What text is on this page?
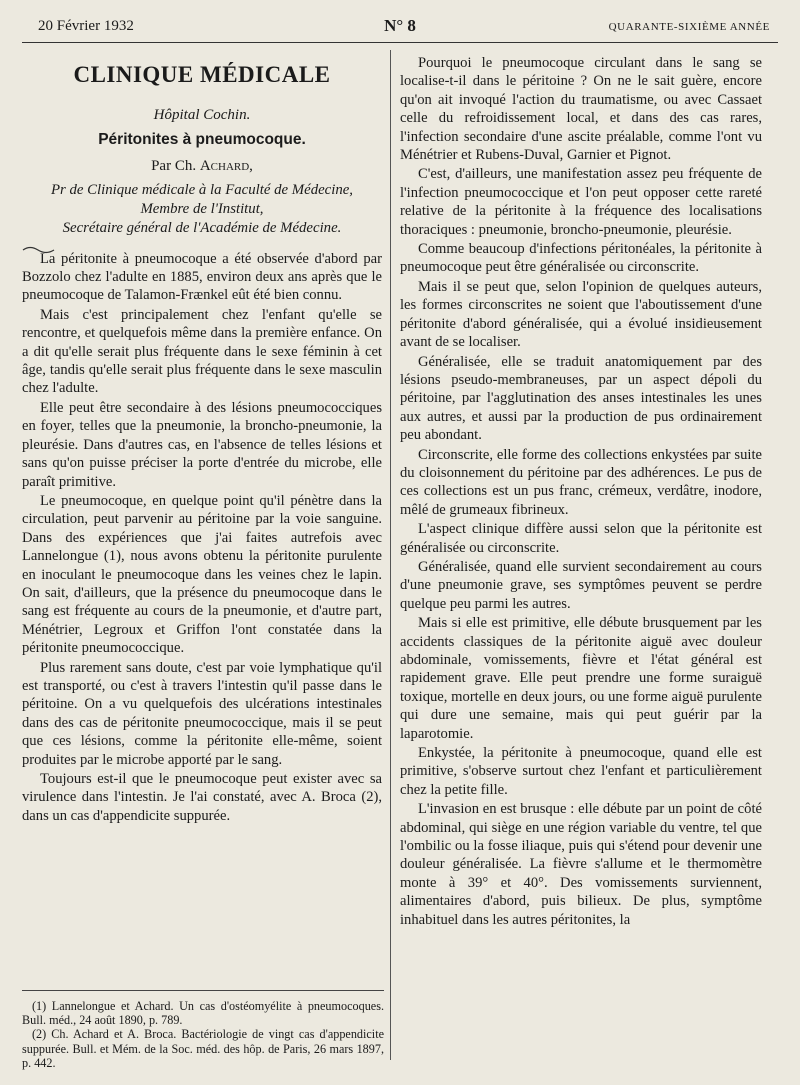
20 Février 1932	N° 8	QUARANTE-SIXIÈME ANNÉE
CLINIQUE MÉDICALE
Hôpital Cochin.
Péritonites à pneumocoque.
Par Ch. Achard,
Pr de Clinique médicale à la Faculté de Médecine,
Membre de l'Institut,
Secrétaire général de l'Académie de Médecine.

La péritonite à pneumocoque a été observée d'abord par Bozzolo chez l'adulte en 1885, environ deux ans après que le pneumocoque de Talamon-Frænkel eût été bien connu.

Mais c'est principalement chez l'enfant qu'elle se rencontre, et quelquefois même dans la première enfance. On a dit qu'elle serait plus fréquente dans le sexe féminin à cet âge, tandis qu'elle serait plus fréquente dans le sexe masculin chez l'adulte.

Elle peut être secondaire à des lésions pneumococciques en foyer, telles que la pneumonie, la broncho-pneumonie, la pleurésie. Dans d'autres cas, en l'absence de telles lésions et sans qu'on puisse préciser la porte d'entrée du microbe, elle paraît primitive.

Le pneumocoque, en quelque point qu'il pénètre dans la circulation, peut parvenir au péritoine par la voie sanguine. Dans des expériences que j'ai faites autrefois avec Lannelongue (1), nous avons obtenu la péritonite purulente en inoculant le pneumocoque dans les veines chez le lapin. On sait, d'ailleurs, que la présence du pneumocoque dans le sang est fréquente au cours de la pneumonie, et d'autre part, Ménétrier, Legroux et Griffon l'ont constatée dans la péritonite pneumococcique.

Plus rarement sans doute, c'est par voie lymphatique qu'il est transporté, ou c'est à travers l'intestin qu'il passe dans le péritoine. On a vu quelquefois des ulcérations intestinales dans des cas de péritonite pneumococcique, mais il se peut que ces lésions, comme la péritonite elle-même, soient produites par le microbe apporté par le sang.

Toujours est-il que le pneumocoque peut exister avec sa virulence dans l'intestin. Je l'ai constaté, avec A. Broca (2), dans un cas d'appendicite suppurée.

(1) Lannelongue et Achard. Un cas d'ostéomyélite à pneumocoques. Bull. méd., 24 août 1890, p. 789.
(2) Ch. Achard et A. Broca. Bactériologie de vingt cas d'appendicite suppurée. Bull. et Mém. de la Soc. méd. des hôp. de Paris, 26 mars 1897, p. 442.

Pourquoi le pneumocoque circulant dans le sang se localise-t-il dans le péritoine ? On ne le sait guère, encore qu'on ait invoqué l'action du traumatisme, ou avec Cassaet celle du refroidissement local, et dans des cas rares, l'infection secondaire d'une ascite préalable, comme l'ont vu Ménétrier et Rubens-Duval, Garnier et Pignot.

C'est, d'ailleurs, une manifestation assez peu fréquente de l'infection pneumococcique et l'on peut opposer cette rareté relative de la péritonite à la fréquence des localisations thoraciques : pneumonie, broncho-pneumonie, pleurésie.

Comme beaucoup d'infections péritonéales, la péritonite à pneumocoque peut être généralisée ou circonscrite.

Mais il se peut que, selon l'opinion de quelques auteurs, les formes circonscrites ne soient que l'aboutissement d'une péritonite d'abord généralisée, qui a évolué insidieusement avant de se localiser.

Généralisée, elle se traduit anatomiquement par des lésions pseudo-membraneuses, par un aspect dépoli du péritoine, par l'agglutination des anses intestinales les unes aux autres, et aussi par la production de pus ordinairement peu abondant.

Circonscrite, elle forme des collections enkystées par suite du cloisonnement du péritoine par des adhérences. Le pus de ces collections est un pus franc, crémeux, verdâtre, inodore, mêlé de grumeaux fibrineux.

L'aspect clinique diffère aussi selon que la péritonite est généralisée ou circonscrite.

Généralisée, quand elle survient secondairement au cours d'une pneumonie grave, ses symptômes peuvent se perdre quelque peu parmi les autres.

Mais si elle est primitive, elle débute brusquement par les accidents classiques de la péritonite aiguë avec douleur abdominale, vomissements, fièvre et l'état général est rapidement grave. Elle peut prendre une forme suraiguë toxique, mortelle en deux jours, ou une forme aiguë purulente qui dure une semaine, mais qui peut guérir par la laparotomie.

Enkystée, la péritonite à pneumocoque, quand elle est primitive, s'observe surtout chez l'enfant et particulièrement chez la petite fille.

L'invasion en est brusque : elle débute par un point de côté abdominal, qui siège en une région variable du ventre, tel que l'ombilic ou la fosse iliaque, puis qui s'étend pour devenir une douleur généralisée. La fièvre s'allume et le thermomètre monte à 39° et 40°. Des vomissements surviennent, alimentaires d'abord, puis bilieux. De plus, symptôme inhabituel dans les autres péritonites, la
